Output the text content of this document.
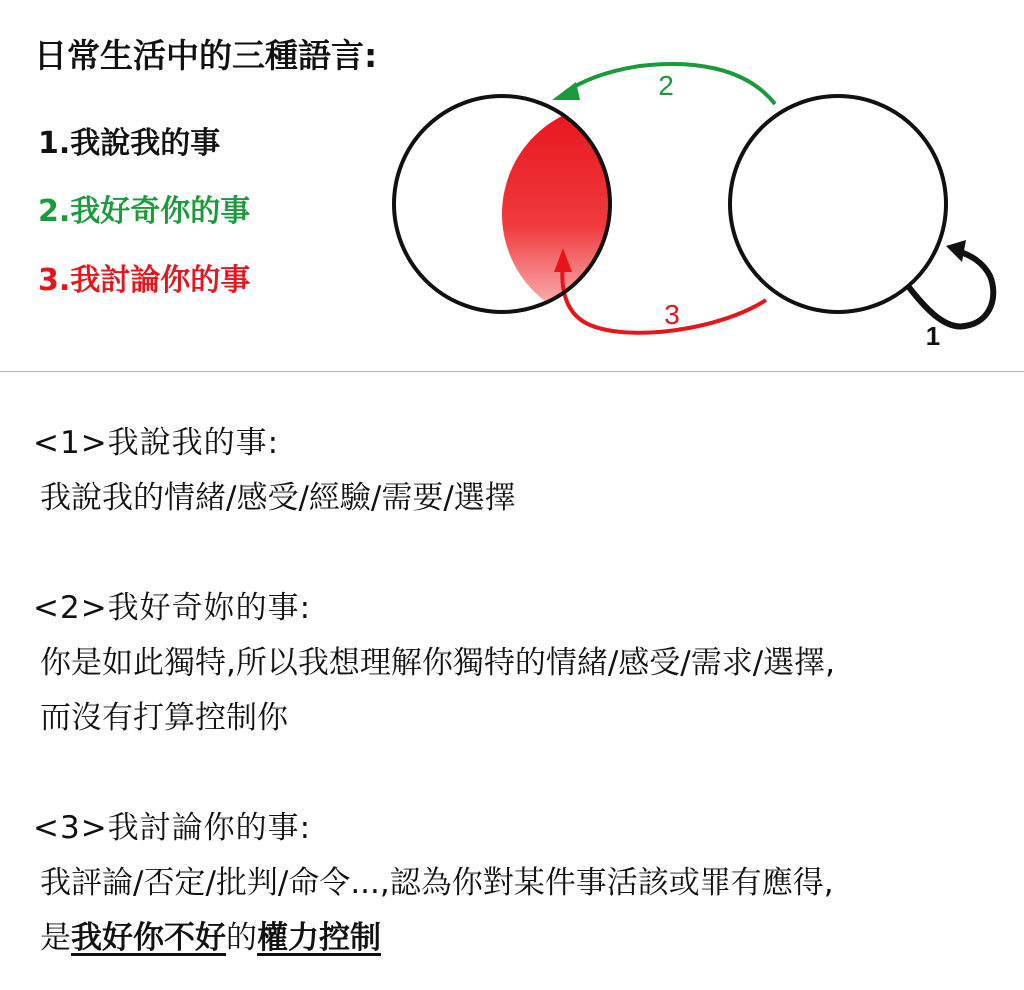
日常生活中的三種語言:
1.我說我的事
2.我好奇你的事
3.我討論你的事
2
3
1
<1>我說我的事:
我說我的情緒/感受/經驗/需要/選擇
<2>我好奇妳的事:
你是如此獨特,所以我想理解你獨特的情緒/感受/需求/選擇,
而沒有打算控制你
<3>我討論你的事:
我評論/否定/批判/命令...,認為你對某件事活該或罪有應得,
是我好你不好的權力控制
